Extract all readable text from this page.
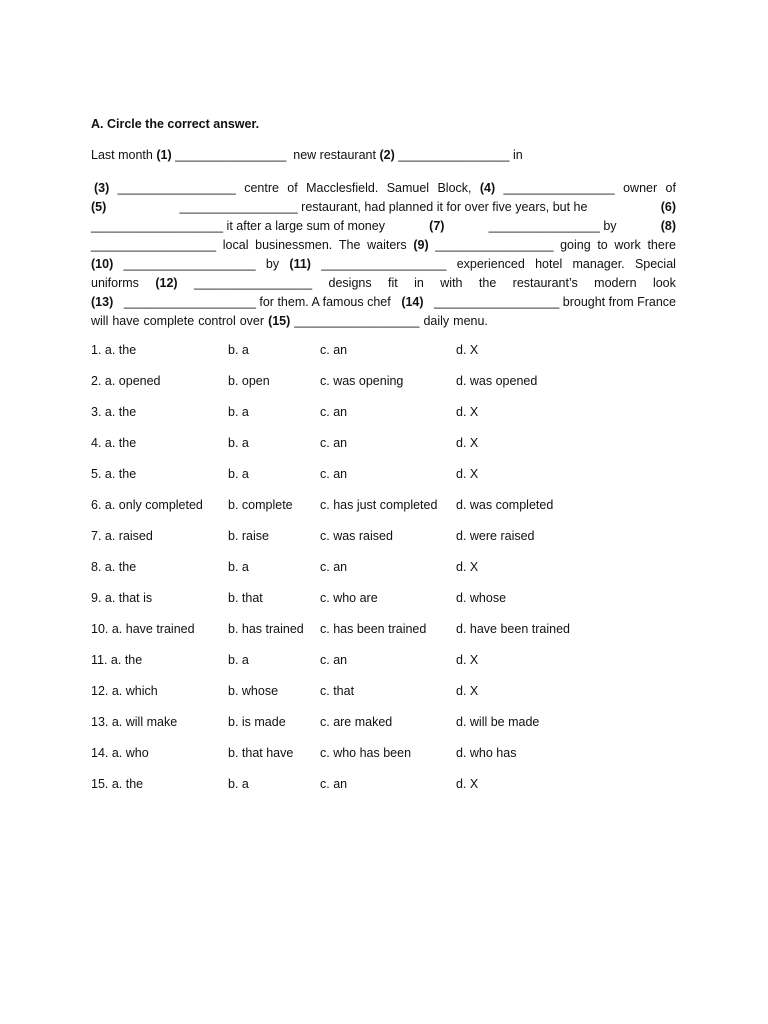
A. Circle the correct answer.
Last month (1) ________________ new restaurant (2) ________________ in
(3) _________________ centre of Macclesfield. Samuel Block, (4) ________________ owner of
(5)	_________________ restaurant, had planned it for over five years, but he	(6)
___________________ it after a large sum of money	(7)	________________ by	(8)
__________________ local businessmen. The waiters (9) _________________ going to work there
(10) ___________________ by (11) __________________ experienced hotel manager. Special
uniforms (12) _________________ designs fit in with the restaurant’s modern look
(13) ___________________ for them. A famous chef (14) __________________ brought from France
will have complete control over (15) __________________ daily menu.
1. a. the	b. a	c. an	d. X
2. a. opened	b. open	c. was opening	d. was opened
3. a. the	b. a	c. an	d. X
4. a. the	b. a	c. an	d. X
5. a. the	b. a	c. an	d. X
6. a. only completed b. complete c. has just completed d. was completed
7. a. raised	b. raise	c. was raised	d. were raised
8. a. the	b. a	c. an	d. X
9. a. that is	b. that	c. who are	d. whose
10. a. have trained	b. has trained c. has been trained d. have been trained
11. a. the	b. a	c. an	d. X
12. a. which	b. whose	c. that	d. X
13. a. will make	b. is made	c. are maked	d. will be made
14. a. who	b. that have c. who has been	d. who has
15. a. the	b. a	c. an	d. X
